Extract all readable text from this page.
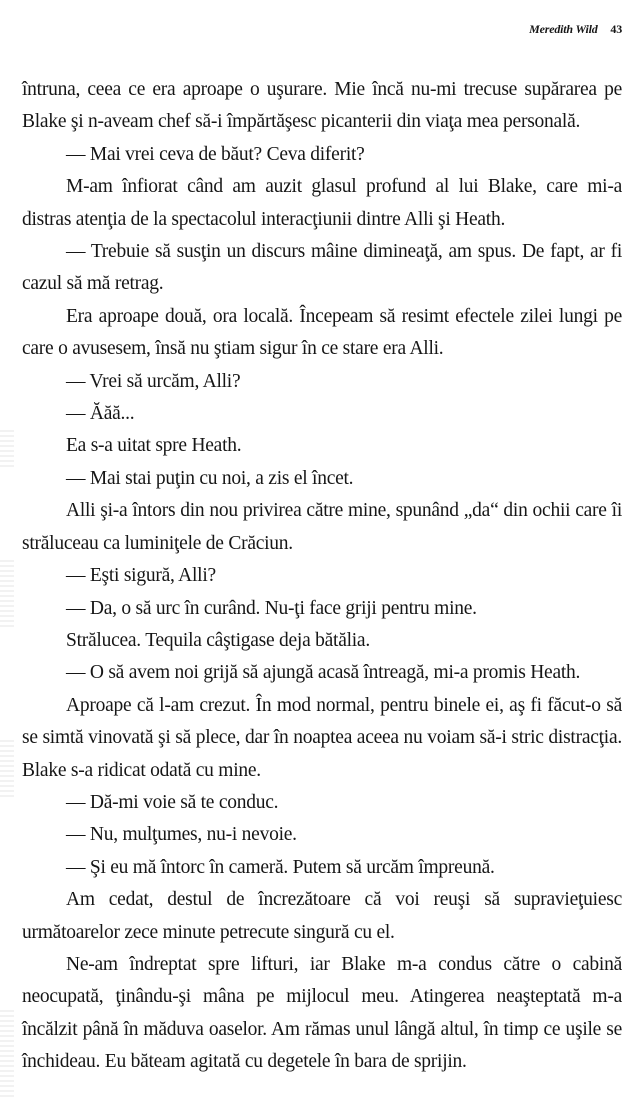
Meredith Wild 43

întruna, ceea ce era aproape o uşurare. Mie încă nu-mi trecuse supărarea pe Blake şi n-aveam chef să-i împărtăşesc picanterii din viaţa mea personală.

— Mai vrei ceva de băut? Ceva diferit?

M-am înfiorat când am auzit glasul profund al lui Blake, care mi-a distras atenţia de la spectacolul interacţiunii dintre Alli şi Heath.

— Trebuie să susţin un discurs mâine dimineaţă, am spus. De fapt, ar fi cazul să mă retrag.

Era aproape două, ora locală. Începeam să resimt efectele zilei lungi pe care o avusesem, însă nu ştiam sigur în ce stare era Alli.

— Vrei să urcăm, Alli?

— Ăăă...

Ea s-a uitat spre Heath.

— Mai stai puţin cu noi, a zis el încet.

Alli şi-a întors din nou privirea către mine, spunând „da“ din ochii care îi străluceau ca luminiţele de Crăciun.

— Eşti sigură, Alli?

— Da, o să urc în curând. Nu-ţi face griji pentru mine.

Strălucea. Tequila câştigase deja bătălia.

— O să avem noi grijă să ajungă acasă întreagă, mi-a promis Heath.

Aproape că l-am crezut. În mod normal, pentru binele ei, aş fi făcut-o să se simtă vinovată şi să plece, dar în noaptea aceea nu voiam să-i stric distracţia. Blake s-a ridicat odată cu mine.

— Dă-mi voie să te conduc.

— Nu, mulţumes, nu-i nevoie.

— Şi eu mă întorc în cameră. Putem să urcăm împreună.

Am cedat, destul de încrezătoare că voi reuşi să supravieţuiesc următoarelor zece minute petrecute singură cu el.

Ne-am îndreptat spre lifturi, iar Blake m-a condus către o cabină neocupată, ţinându-şi mâna pe mijlocul meu. Atingerea neaşteptată m-a încălzit până în măduva oaselor. Am rămas unul lângă altul, în timp ce uşile se închideau. Eu băteam agitată cu degetele în bara de sprijin.
